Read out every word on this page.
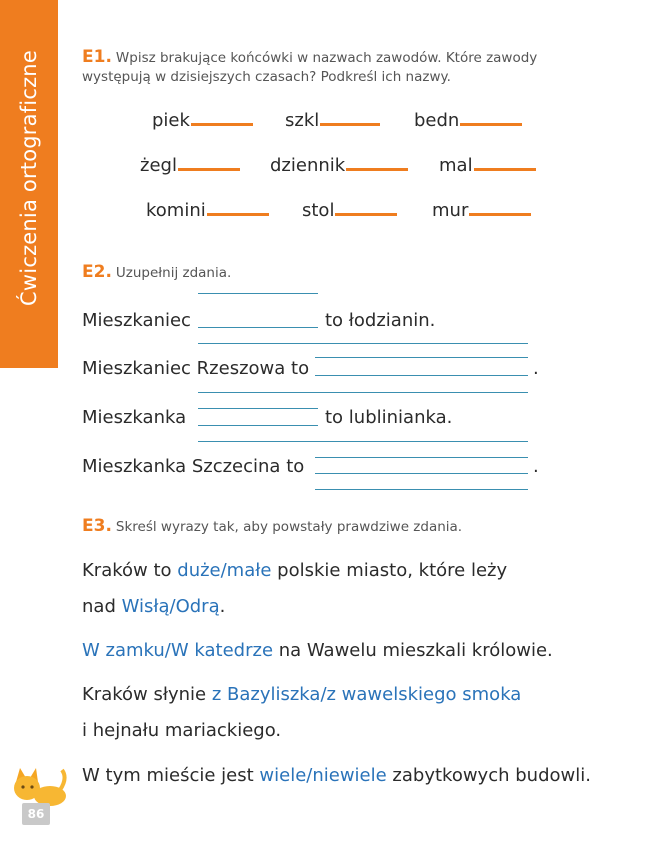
Ćwiczenia ortograficzne E1. Wpisz brakujące końcówki w nazwach zawodów. Które zawody
występują w dzisiejszych czasach? Podkreśl ich nazwy.
piek	szkl	bedn
żegl	dziennik	mal
komini	stol	mur
E2. Uzupełnij zdania.
Mieszkaniec	to łodzianin.
Mieszkaniec Rzeszowa to	.
Mieszkanka	to lublinianka.
Mieszkanka Szczecina to	.
E3. Skreśl wyrazy tak, aby powstały prawdziwe zdania.
Kraków to duże/małe polskie miasto, które leży
nad Wisłą/Odrą.
W zamku/W katedrze na Wawelu mieszkali królowie.
Kraków słynie z Bazyliszka/z wawelskiego smoka
i hejnału mariackiego.
W tym mieście jest wiele/niewiele zabytkowych budowli.
86
